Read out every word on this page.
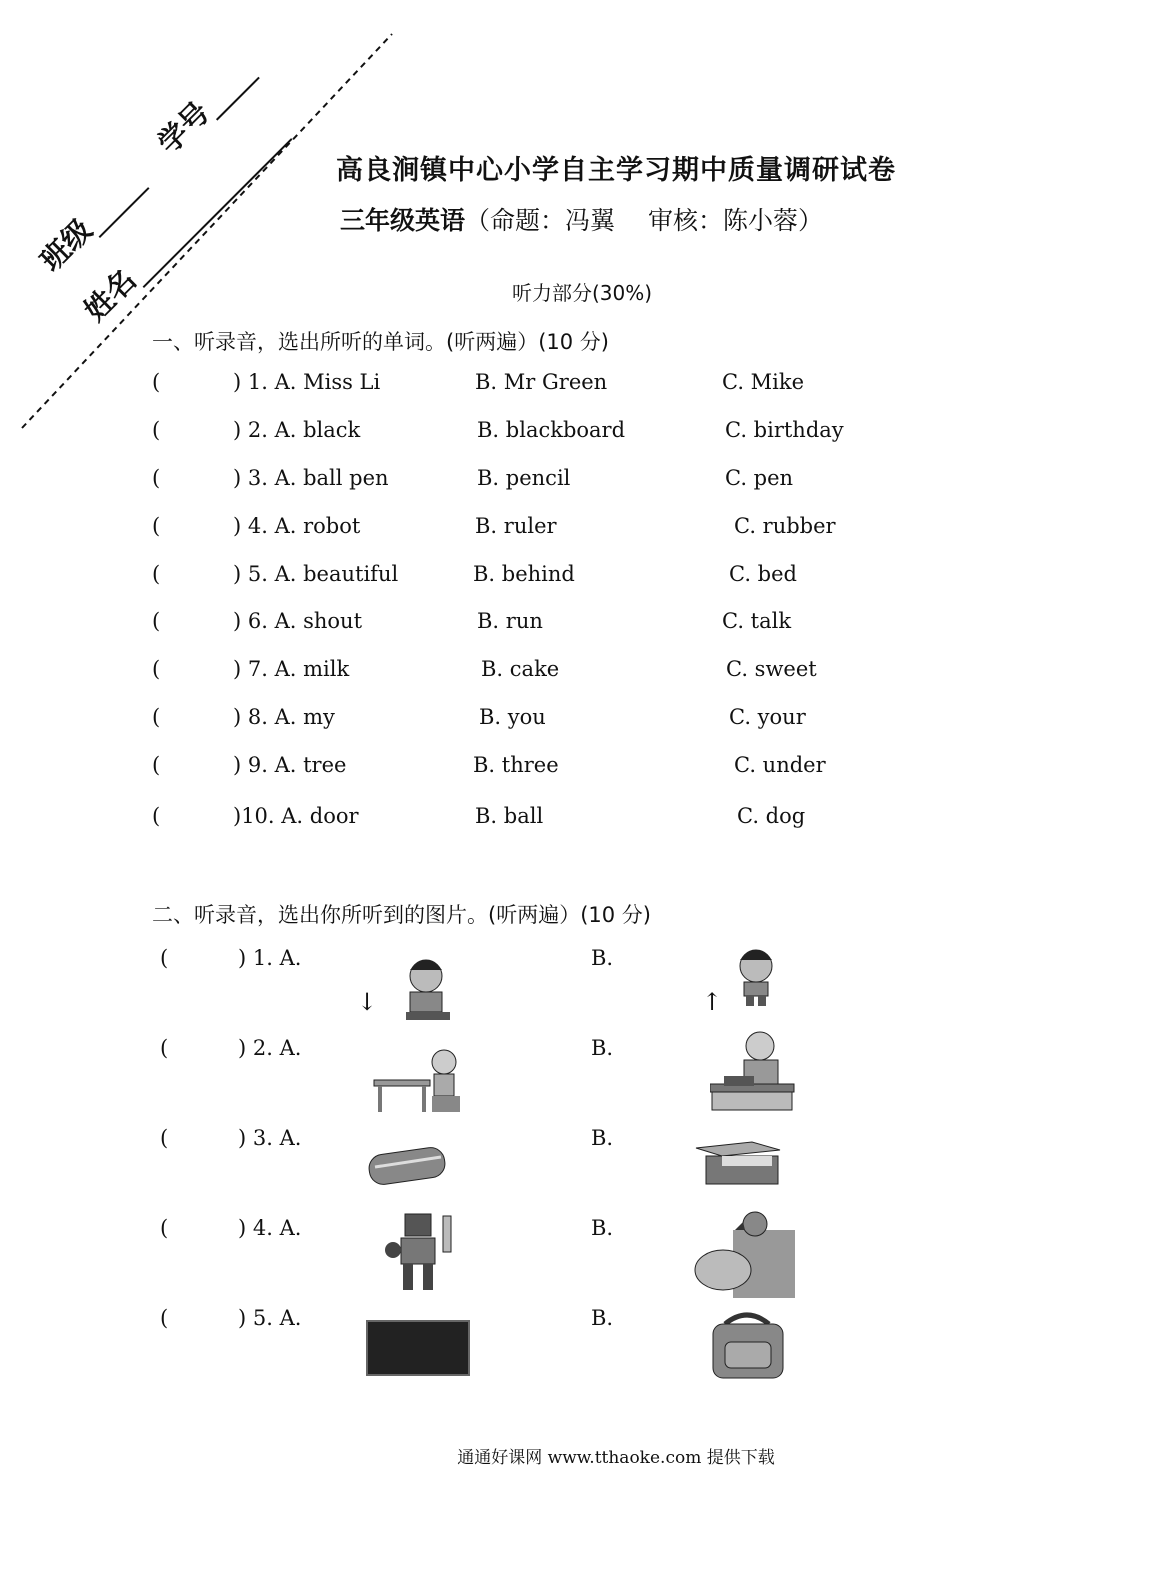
班级  学号
姓名
高良涧镇中心小学自主学习期中质量调研试卷
三年级英语（命题：冯翼　 审核：陈小蓉）
听力部分(30%)
一、听录音，选出所听的单词。(听两遍）(10 分)
(	) 1. A. Miss Li	B. Mr Green	C. Mike
(	) 2. A. black	B. blackboard	C. birthday
(	) 3. A. ball pen	B. pencil	C. pen
(	) 4. A. robot	B. ruler	C. rubber
(	) 5. A. beautiful	B. behind	C. bed
(	) 6. A. shout	B. run	C. talk
(	) 7. A. milk	B. cake	C. sweet
(	) 8. A. my	B. you	C. your
(	) 9. A. tree	B. three	C. under
(	)10. A. door	B. ball	C. dog
二、听录音，选出你所听到的图片。(听两遍）(10 分)
(	) 1. A.	B.
(	) 2. A.	B.
(	) 3. A.	B.
(	) 4. A.	B.
(	) 5. A.	B.
↓	↑
通通好课网 www.tthaoke.com 提供下载
